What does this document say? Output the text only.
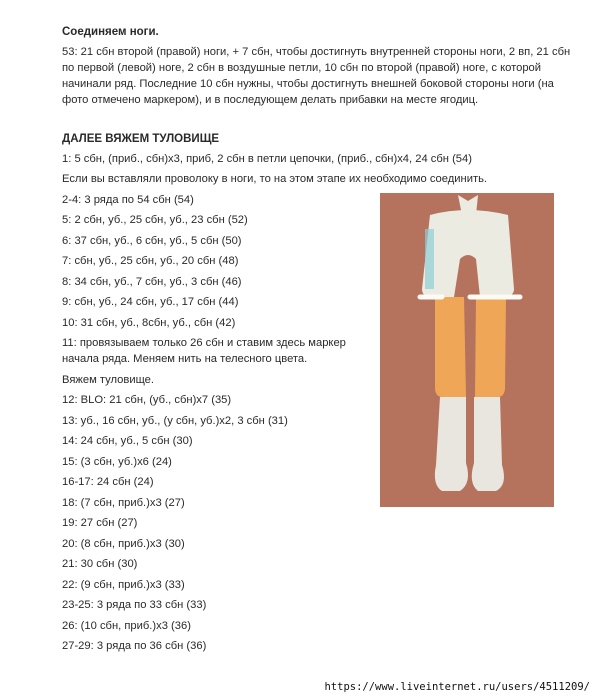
Соединяем ноги.

53: 21 сбн второй (правой) ноги, + 7 сбн, чтобы достигнуть внутренней стороны ноги, 2 вп, 21 сбн

по первой (левой) ноге, 2 сбн в воздушные петли, 10 сбн по второй (правой) ноге, с которой

начинали ряд. Последние 10 сбн нужны, чтобы достигнуть внешней боковой стороны ноги (на

фото отмечено маркером), и в последующем делать прибавки на месте ягодиц.

ДАЛЕЕ ВЯЖЕМ ТУЛОВИЩЕ

1: 5 сбн, (приб., сбн)х3, приб, 2 сбн в петли цепочки, (приб., сбн)х4, 24 сбн (54)

Если вы вставляли проволоку в ноги, то на этом этапе их необходимо соединить.

2-4: 3 ряда по 54 сбн (54)

5: 2 сбн, уб., 25 сбн, уб., 23 сбн (52)

6: 37 сбн, уб., 6 сбн, уб., 5 сбн (50)

7: сбн, уб., 25 сбн, уб., 20 сбн (48)

8: 34 сбн, уб., 7 сбн, уб., 3 сбн (46)

9: сбн, уб., 24 сбн, уб., 17 сбн (44)

10: 31 сбн, уб., 8сбн, уб., сбн (42)

11: провязываем только 26 сбн и ставим здесь маркер

начала ряда. Меняем нить на телесного цвета.

Вяжем туловище.

12: BLO: 21 сбн, (уб., сбн)х7 (35)

13: уб., 16 сбн, уб., (у сбн, уб.)х2, 3 сбн (31)

14: 24 сбн, уб., 5 сбн (30)

15: (3 сбн, уб.)х6 (24)

16-17: 24 сбн (24)

18: (7 сбн, приб.)х3 (27)

19: 27 сбн (27)

20: (8 сбн, приб.)х3 (30)

21: 30 сбн (30)

22: (9 сбн, приб.)х3 (33)

23-25: 3 ряда по 33 сбн (33)

26: (10 сбн, приб.)х3 (36)

27-29: 3 ряда по 36 сбн (36)

https://www.liveinternet.ru/users/4511209/
